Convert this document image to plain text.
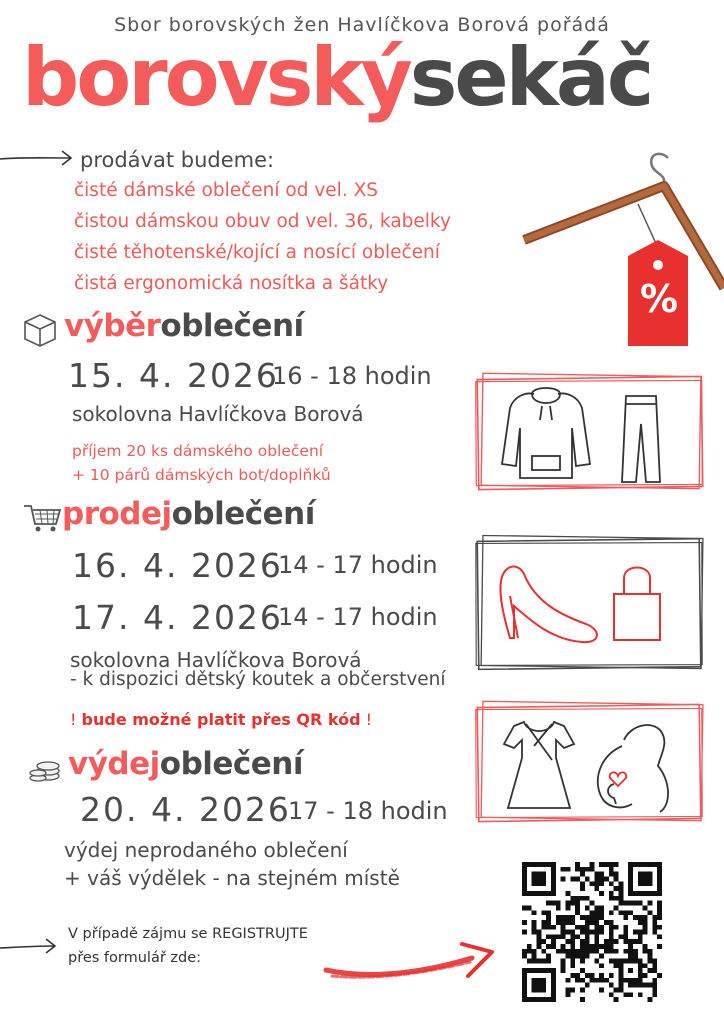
Sbor borovských žen Havlíčkova Borová pořádá
borovskýsekáč
prodávat budeme:
čisté dámské oblečení od vel. XS
čistou dámskou obuv od vel. 36, kabelky
čisté těhotenské/kojící a nosící oblečení
čistá ergonomická nosítka a šátky	%
výběroblečení
15. 4. 2026
16 - 18 hodin
sokolovna Havlíčkova Borová
příjem 20 ks dámského oblečení
+ 10 párů dámských bot/doplňků
prodejoblečení
16. 4. 2026
14 - 17 hodin
17. 4. 2026
14 - 17 hodin
sokolovna Havlíčkova Borová
- k dispozici dětský koutek a občerstvení
! bude možné platit přes QR kód !
výdejoblečení
20. 4. 2026
17 - 18 hodin
výdej neprodaného oblečení
+ váš výdělek - na stejném místě
V případě zájmu se REGISTRUJTE
přes formulář zde:
